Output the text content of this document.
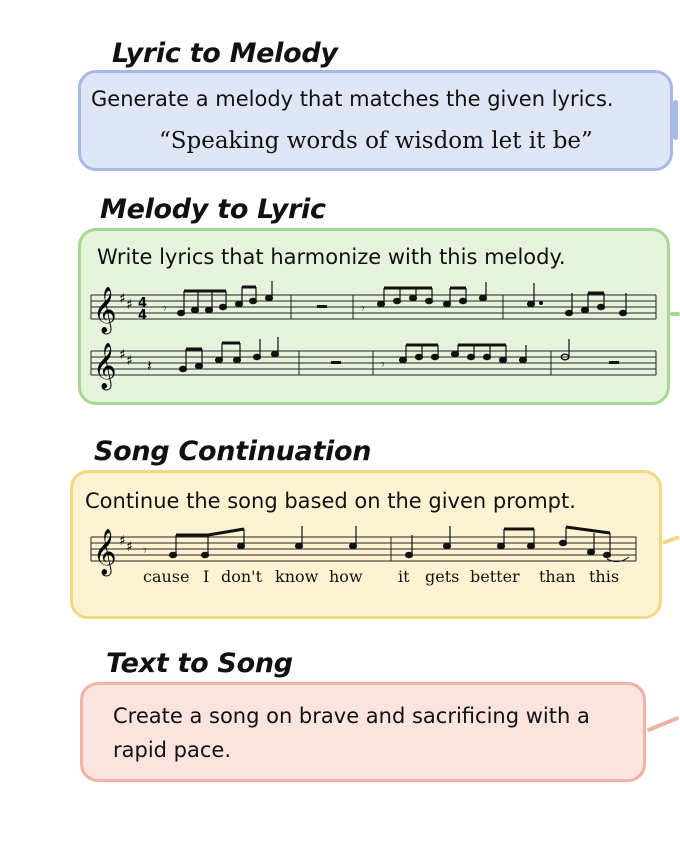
Lyric to Melody
Generate a melody that matches the given lyrics.
“Speaking words of wisdom let it be”
Melody to Lyric
Write lyrics that harmonize with this melody.
𝄞 ♯ ♯ 4
4 𝄾	𝄾
𝄞 ♯ ♯ 𝄽	𝄾
Song Continuation
Continue the song based on the given prompt.
𝄞 ♯ ♯ 𝄾
cause I don't know how it gets better than this
Text to Song
Create a song on brave and sacrificing with a rapid pace.
